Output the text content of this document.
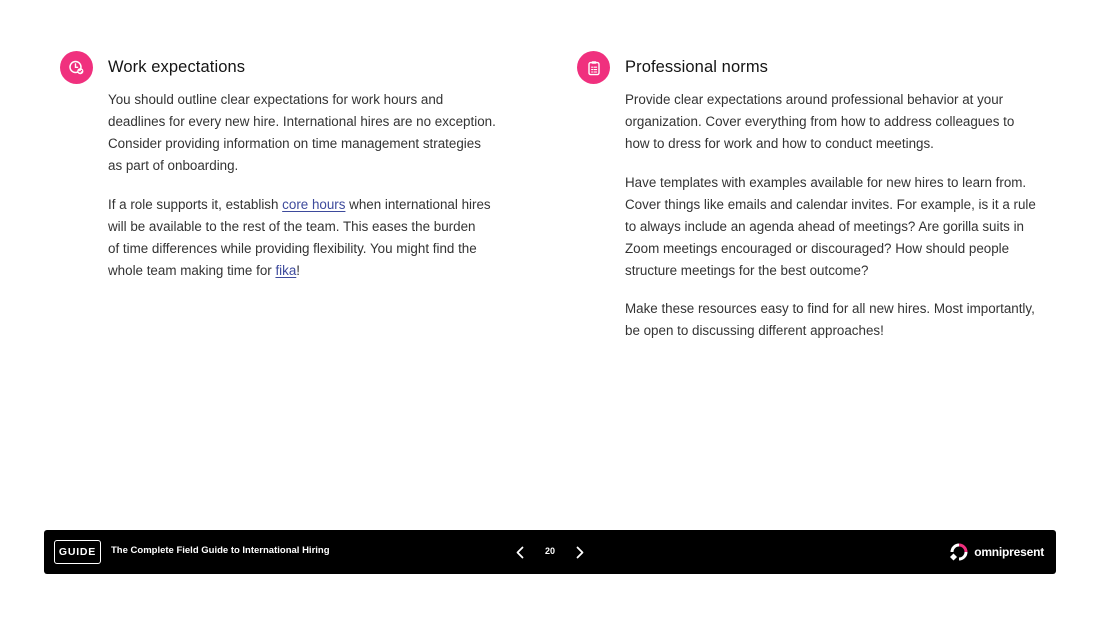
Work expectations

You should outline clear expectations for work hours and
deadlines for every new hire. International hires are no exception.
Consider providing information on time management strategies
as part of onboarding.

If a role supports it, establish core hours when international hires
will be available to the rest of the team. This eases the burden
of time differences while providing flexibility. You might find the
whole team making time for fika!

Professional norms

Provide clear expectations around professional behavior at your
organization. Cover everything from how to address colleagues to
how to dress for work and how to conduct meetings.

Have templates with examples available for new hires to learn from.
Cover things like emails and calendar invites. For example, is it a rule
to always include an agenda ahead of meetings? Are gorilla suits in
Zoom meetings encouraged or discouraged? How should people
structure meetings for the best outcome?

Make these resources easy to find for all new hires. Most importantly,
be open to discussing different approaches!

GUIDE	The Complete Field Guide to International Hiring	20	omnipresent
